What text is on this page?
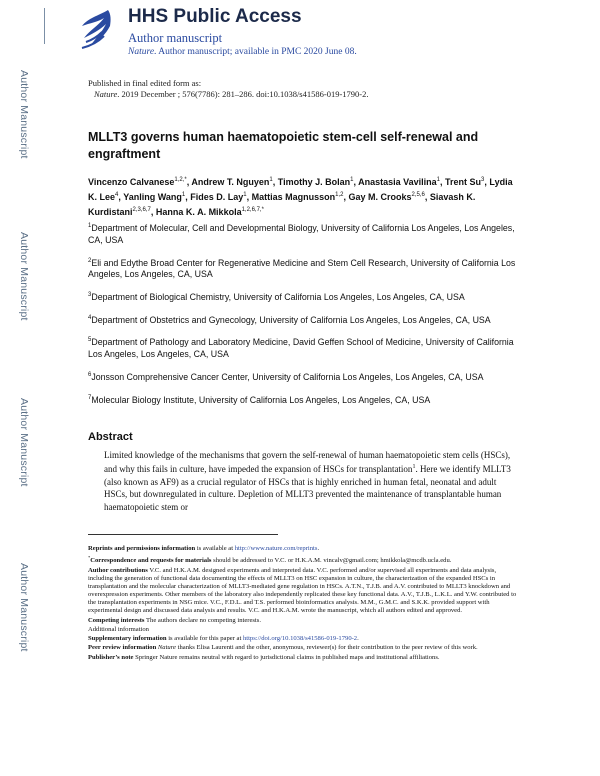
Author Manuscript
Author Manuscript
Author Manuscript
Author Manuscript
HHS Public Access
Author manuscript
Nature. Author manuscript; available in PMC 2020 June 08.
Published in final edited form as:
Nature. 2019 December ; 576(7786): 281–286. doi:10.1038/s41586-019-1790-2.
MLLT3 governs human haematopoietic stem-cell self-renewal and engraftment
Vincenzo Calvanese$^{1,2,*}$, Andrew T. Nguyen$^1$, Timothy J. Bolan$^1$, Anastasia Vavilina$^1$, Trent Su$^3$, Lydia K. Lee$^4$, Yanling Wang$^1$, Fides D. Lay$^1$, Mattias Magnusson$^{1,2}$, Gay M. Crooks$^{2,5,6}$, Siavash K. Kurdistani$^{2,3,6,7}$, Hanna K. A. Mikkola$^{1,2,6,7,*}$
$^1$Department of Molecular, Cell and Developmental Biology, University of California Los Angeles, Los Angeles, CA, USA
$^2$Eli and Edythe Broad Center for Regenerative Medicine and Stem Cell Research, University of California Los Angeles, Los Angeles, CA, USA
$^3$Department of Biological Chemistry, University of California Los Angeles, Los Angeles, CA, USA
$^4$Department of Obstetrics and Gynecology, University of California Los Angeles, Los Angeles, CA, USA
$^5$Department of Pathology and Laboratory Medicine, David Geffen School of Medicine, University of California Los Angeles, Los Angeles, CA, USA
$^6$Jonsson Comprehensive Cancer Center, University of California Los Angeles, Los Angeles, CA, USA
$^7$Molecular Biology Institute, University of California Los Angeles, Los Angeles, CA, USA
Abstract
Limited knowledge of the mechanisms that govern the self-renewal of human haematopoietic stem cells (HSCs), and why this fails in culture, have impeded the expansion of HSCs for transplantation$^1$. Here we identify MLLT3 (also known as AF9) as a crucial regulator of HSCs that is highly enriched in human fetal, neonatal and adult HSCs, but downregulated in culture. Depletion of MLLT3 prevented the maintenance of transplantable human haematopoietic stem or

Reprints and permissions information is available at http://www.nature.com/reprints.

*Correspondence and requests for materials should be addressed to V.C. or H.K.A.M. vincalv@gmail.com; hmikkola@mcdb.ucla.edu.

Author contributions V.C. and H.K.A.M. designed experiments and interpreted data. V.C. performed and/or supervised all experiments and data analysis, including the generation of functional data documenting the effects of MLLT3 on HSC expansion in culture, the characterization of the expanded HSCs in transplantation and the molecular characterization of MLLT3-mediated gene regulation in HSCs. A.T.N., T.J.B. and A.V. contributed to MLLT3 knockdown and overexpression experiments. Other members of the laboratory also independently replicated these key functional data. A.V., T.J.B., L.K.L. and Y.W. contributed to the transplantation experiments in NSG mice. V.C., F.D.L. and T.S. performed bioinformatics analysis. M.M., G.M.C. and S.K.K. provided support with experimental design and discussed data analysis and results. V.C. and H.K.A.M. wrote the manuscript, which all authors edited and approved.

Competing interests The authors declare no competing interests.

Additional information

Supplementary information is available for this paper at https://doi.org/10.1038/s41586-019-1790-2.

Peer review information Nature thanks Elisa Laurenti and the other, anonymous, reviewer(s) for their contribution to the peer review of this work.

Publisher’s note Springer Nature remains neutral with regard to jurisdictional claims in published maps and institutional affiliations.
